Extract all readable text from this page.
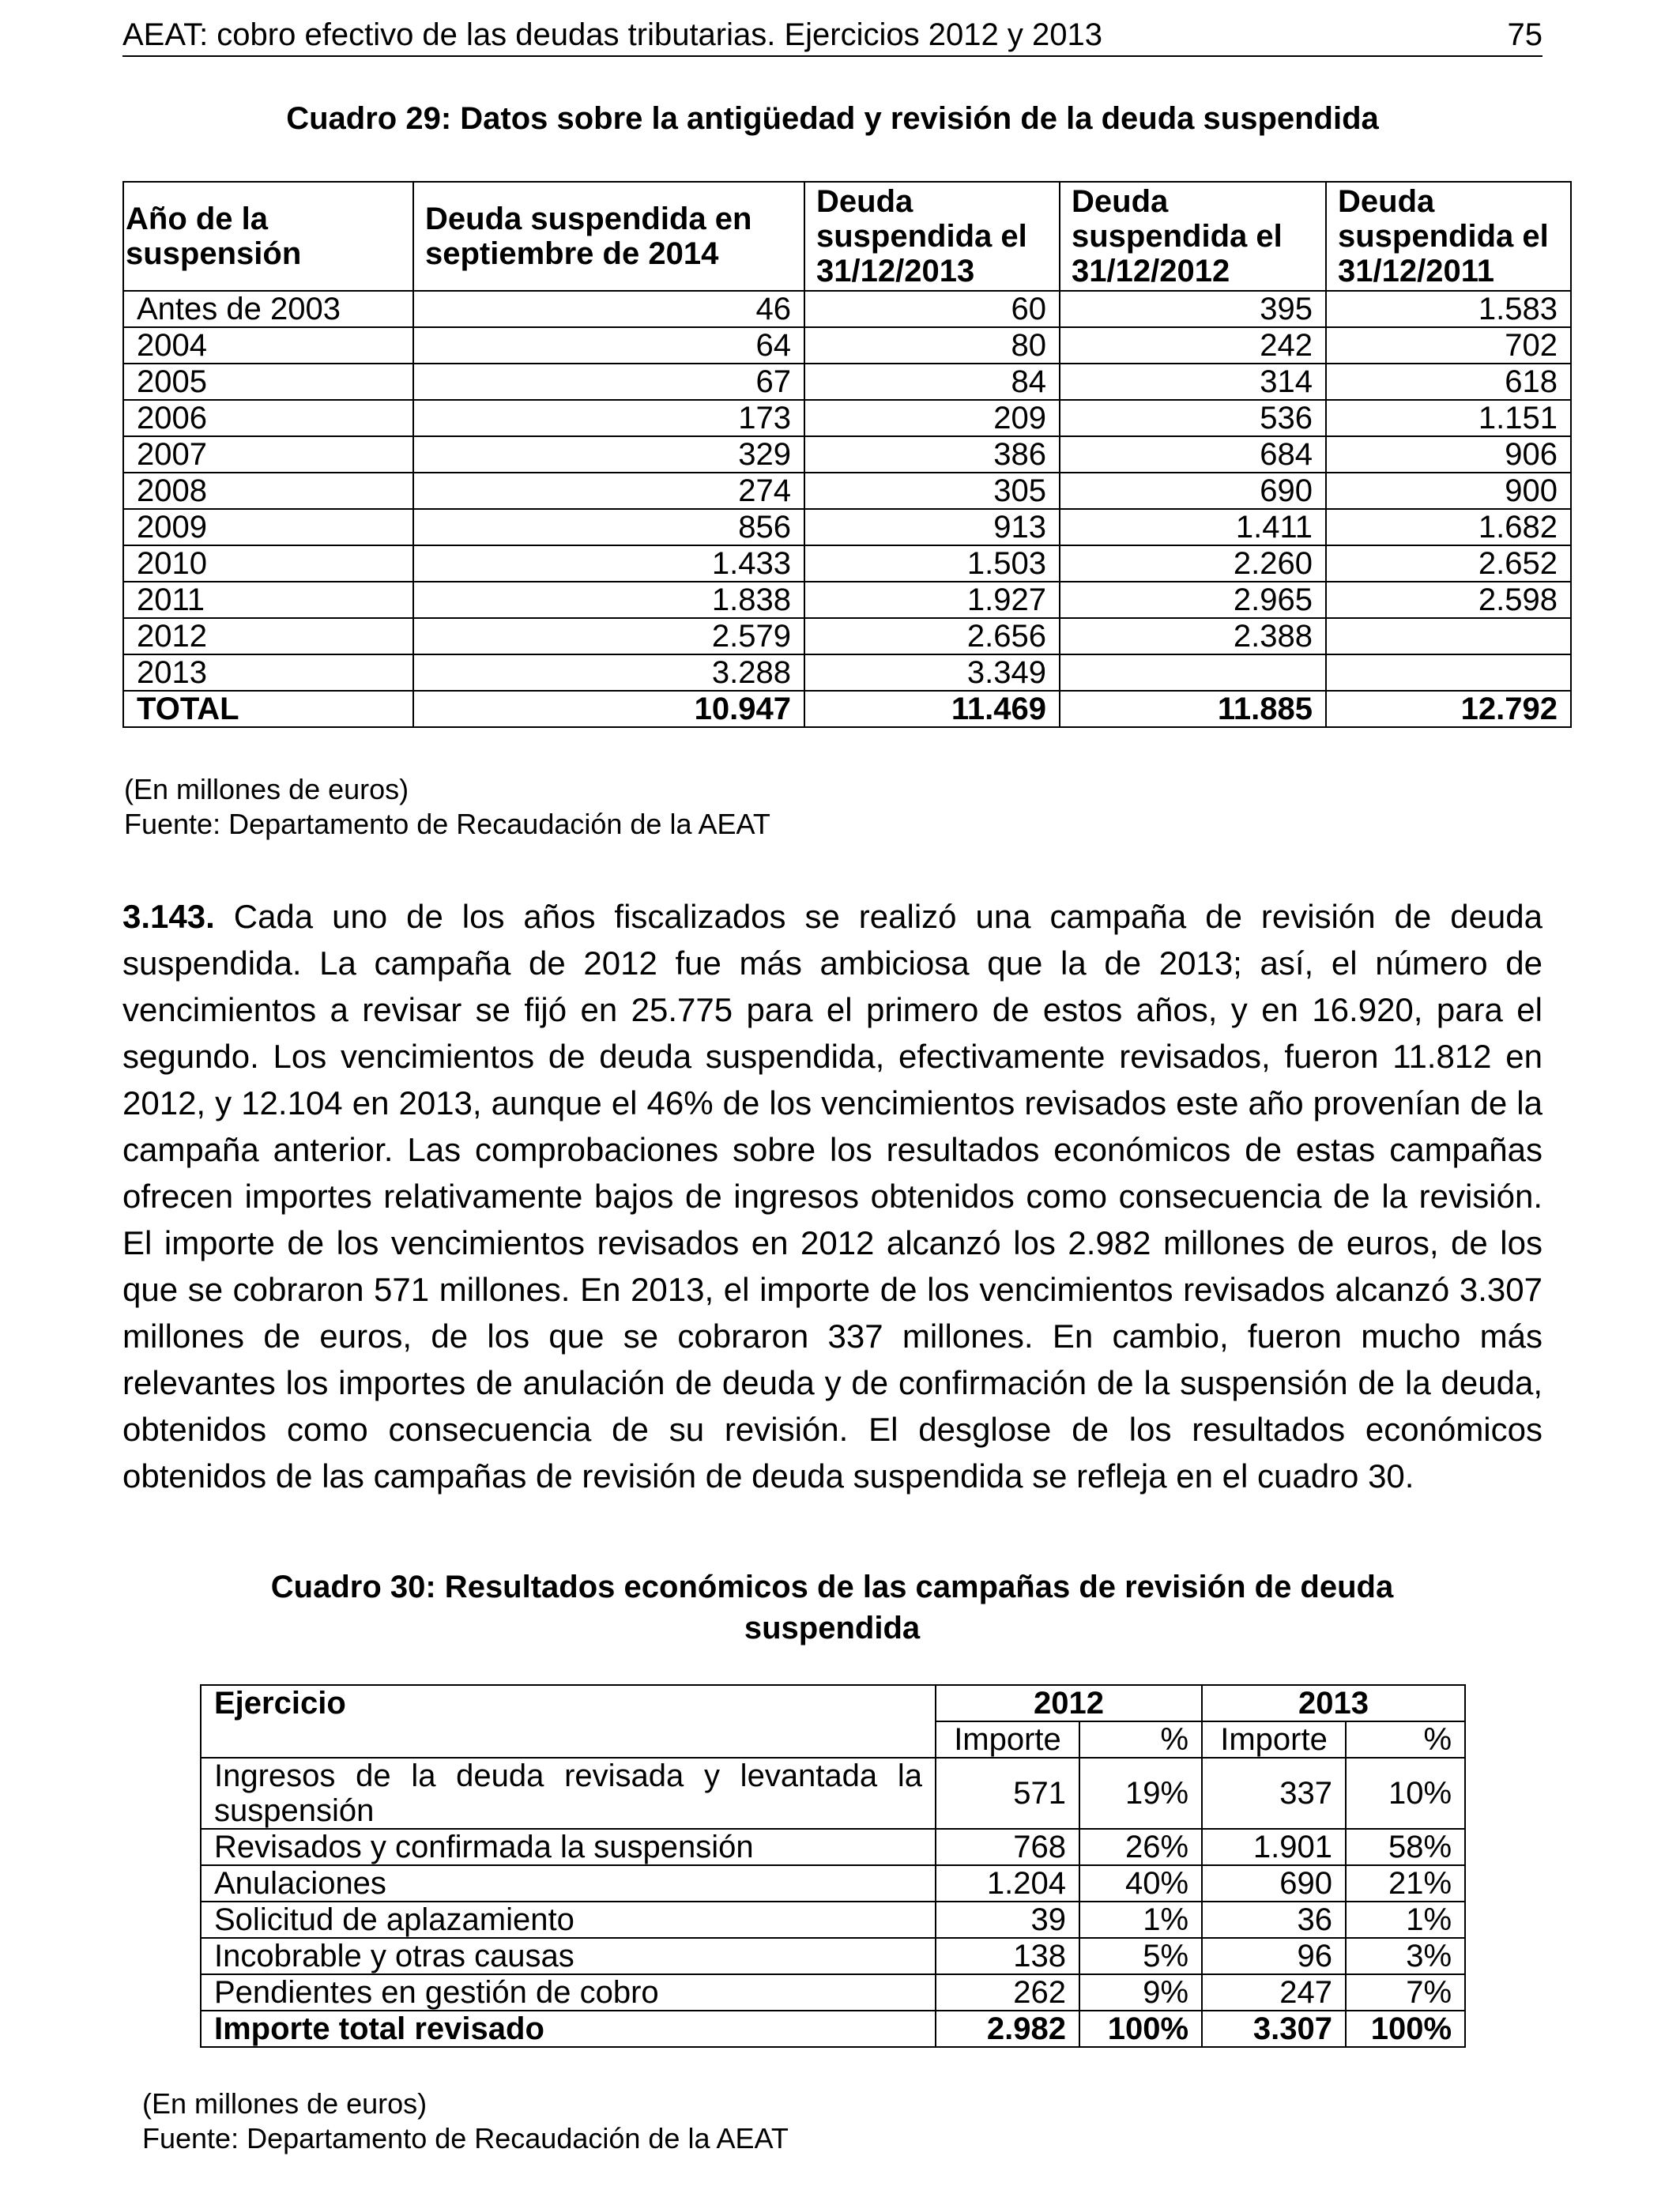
AEAT: cobro efectivo de las deudas tributarias. Ejercicios 2012 y 2013	75
Cuadro 29: Datos sobre la antigüedad y revisión de la deuda suspendida
Año de la suspensión	Deuda suspendida en septiembre de 2014	Deuda suspendida el 31/12/2013	Deuda suspendida el 31/12/2012	Deuda suspendida el 31/12/2011
Antes de 2003	46	60	395	1.583
2004	64	80	242	702
2005	67	84	314	618
2006	173	209	536	1.151
2007	329	386	684	906
2008	274	305	690	900
2009	856	913	1.411	1.682
2010	1.433	1.503	2.260	2.652
2011	1.838	1.927	2.965	2.598
2012	2.579	2.656	2.388	
2013	3.288	3.349		
TOTAL	10.947	11.469	11.885	12.792
(En millones de euros)
Fuente: Departamento de Recaudación de la AEAT
3.143. Cada uno de los años fiscalizados se realizó una campaña de revisión de deuda suspendida. La campaña de 2012 fue más ambiciosa que la de 2013; así, el número de vencimientos a revisar se fijó en 25.775 para el primero de estos años, y en 16.920, para el segundo. Los vencimientos de deuda suspendida, efectivamente revisados, fueron 11.812 en 2012, y 12.104 en 2013, aunque el 46% de los vencimientos revisados este año provenían de la campaña anterior. Las comprobaciones sobre los resultados económicos de estas campañas ofrecen importes relativamente bajos de ingresos obtenidos como consecuencia de la revisión. El importe de los vencimientos revisados en 2012 alcanzó los 2.982 millones de euros, de los que se cobraron 571 millones. En 2013, el importe de los vencimientos revisados alcanzó 3.307 millones de euros, de los que se cobraron 337 millones. En cambio, fueron mucho más relevantes los importes de anulación de deuda y de confirmación de la suspensión de la deuda, obtenidos como consecuencia de su revisión. El desglose de los resultados económicos obtenidos de las campañas de revisión de deuda suspendida se refleja en el cuadro 30.
Cuadro 30: Resultados económicos de las campañas de revisión de deuda suspendida
Ejercicio	2012		2013	
	Importe	%	Importe	%
Ingresos de la deuda revisada y levantada la suspensión	571	19%	337	10%
Revisados y confirmada la suspensión	768	26%	1.901	58%
Anulaciones	1.204	40%	690	21%
Solicitud de aplazamiento	39	1%	36	1%
Incobrable y otras causas	138	5%	96	3%
Pendientes en gestión de cobro	262	9%	247	7%
Importe total revisado	2.982	100%	3.307	100%
(En millones de euros)
Fuente: Departamento de Recaudación de la AEAT
